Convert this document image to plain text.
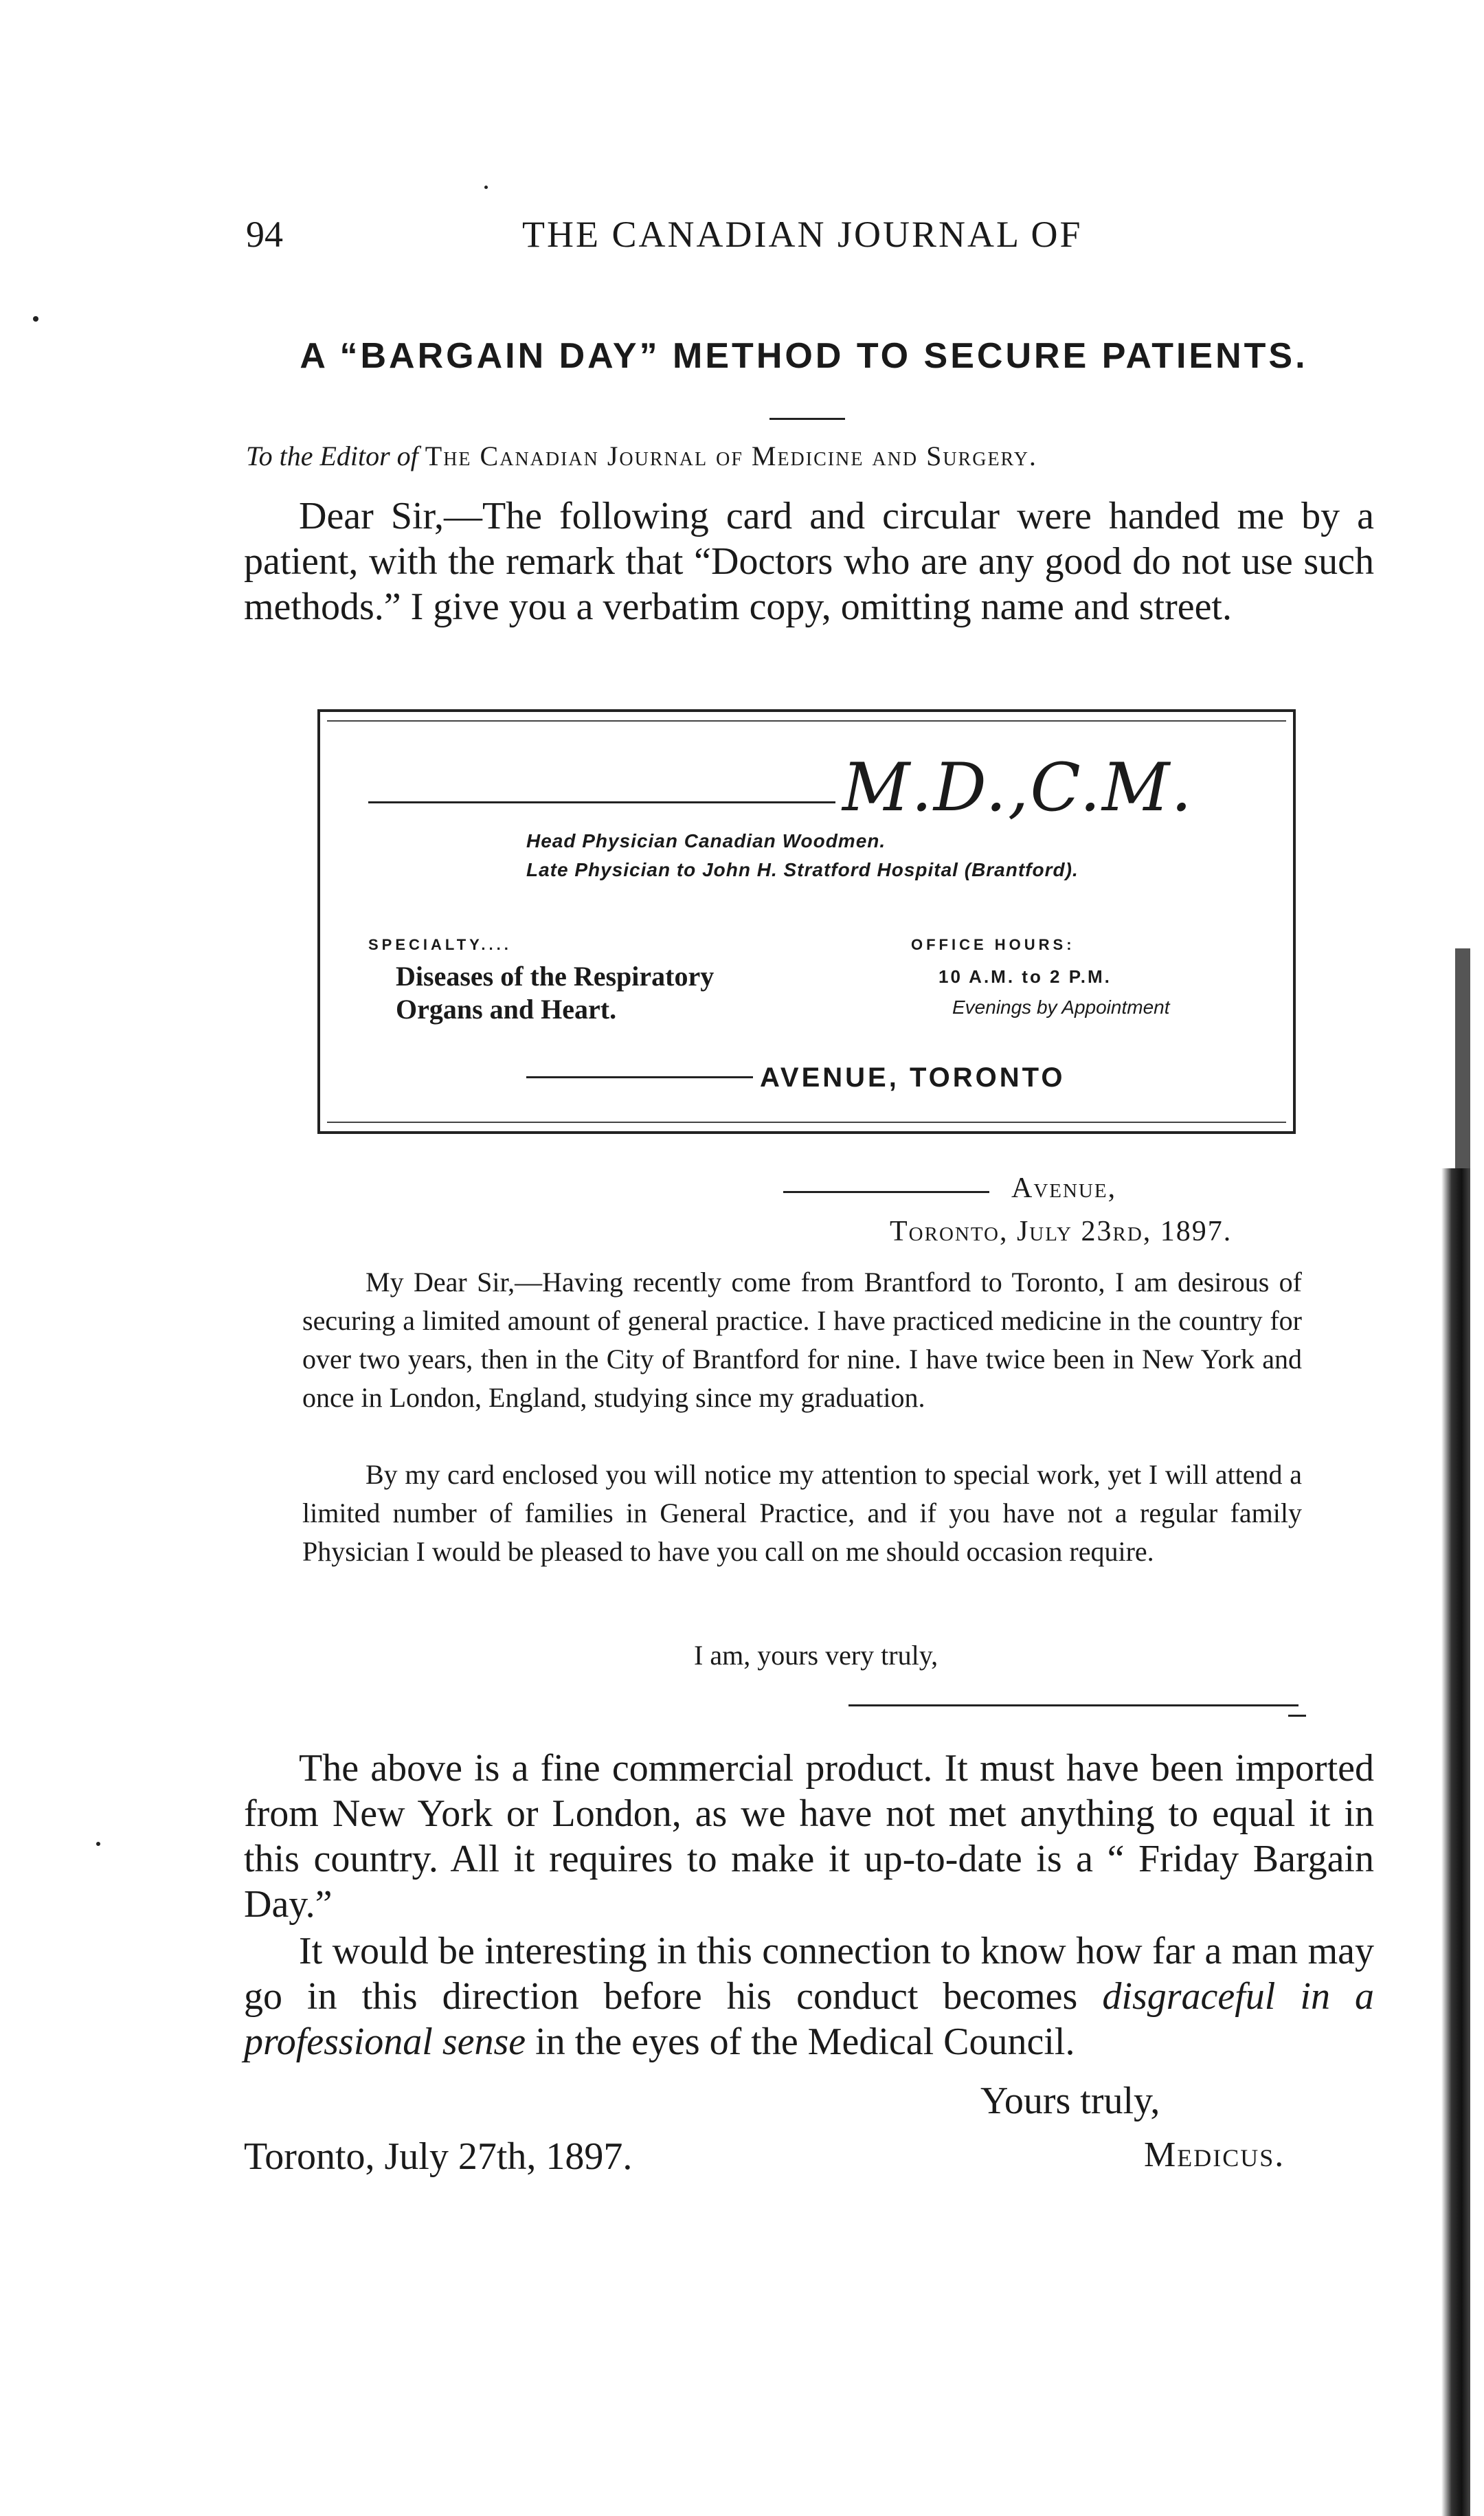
94	THE CANADIAN JOURNAL OF
A “BARGAIN DAY” METHOD TO SECURE PATIENTS.
To the Editor of The Canadian Journal of Medicine and Surgery.
Dear Sir,—The following card and circular were handed me by a patient, with the remark that “Doctors who are any good do not use such methods.” I give you a verbatim copy, omitting name and street.
M.D.,C.M.
Head Physician Canadian Woodmen.
Late Physician to John H. Stratford Hospital (Brantford).
SPECIALTY....
Diseases of the Respiratory
Organs and Heart.
OFFICE HOURS:
10 A.M. to 2 P.M.
Evenings by Appointment
AVENUE, TORONTO
Avenue,
Toronto, July 23rd, 1897.
My Dear Sir,—Having recently come from Brantford to Toronto, I am desirous of securing a limited amount of general practice. I have practiced medicine in the country for over two years, then in the City of Brantford for nine. I have twice been in New York and once in London, England, studying since my graduation.
By my card enclosed you will notice my attention to special work, yet I will attend a limited number of families in General Practice, and if you have not a regular family Physician I would be pleased to have you call on me should occasion require.
I am, yours very truly,
The above is a fine commercial product. It must have been imported from New York or London, as we have not met anything to equal it in this country. All it requires to make it up-to-date is a “ Friday Bargain Day.”
It would be interesting in this connection to know how far a man may go in this direction before his conduct becomes disgraceful in a professional sense in the eyes of the Medical Council.
Yours truly,
Toronto, July 27th, 1897.	Medicus.
